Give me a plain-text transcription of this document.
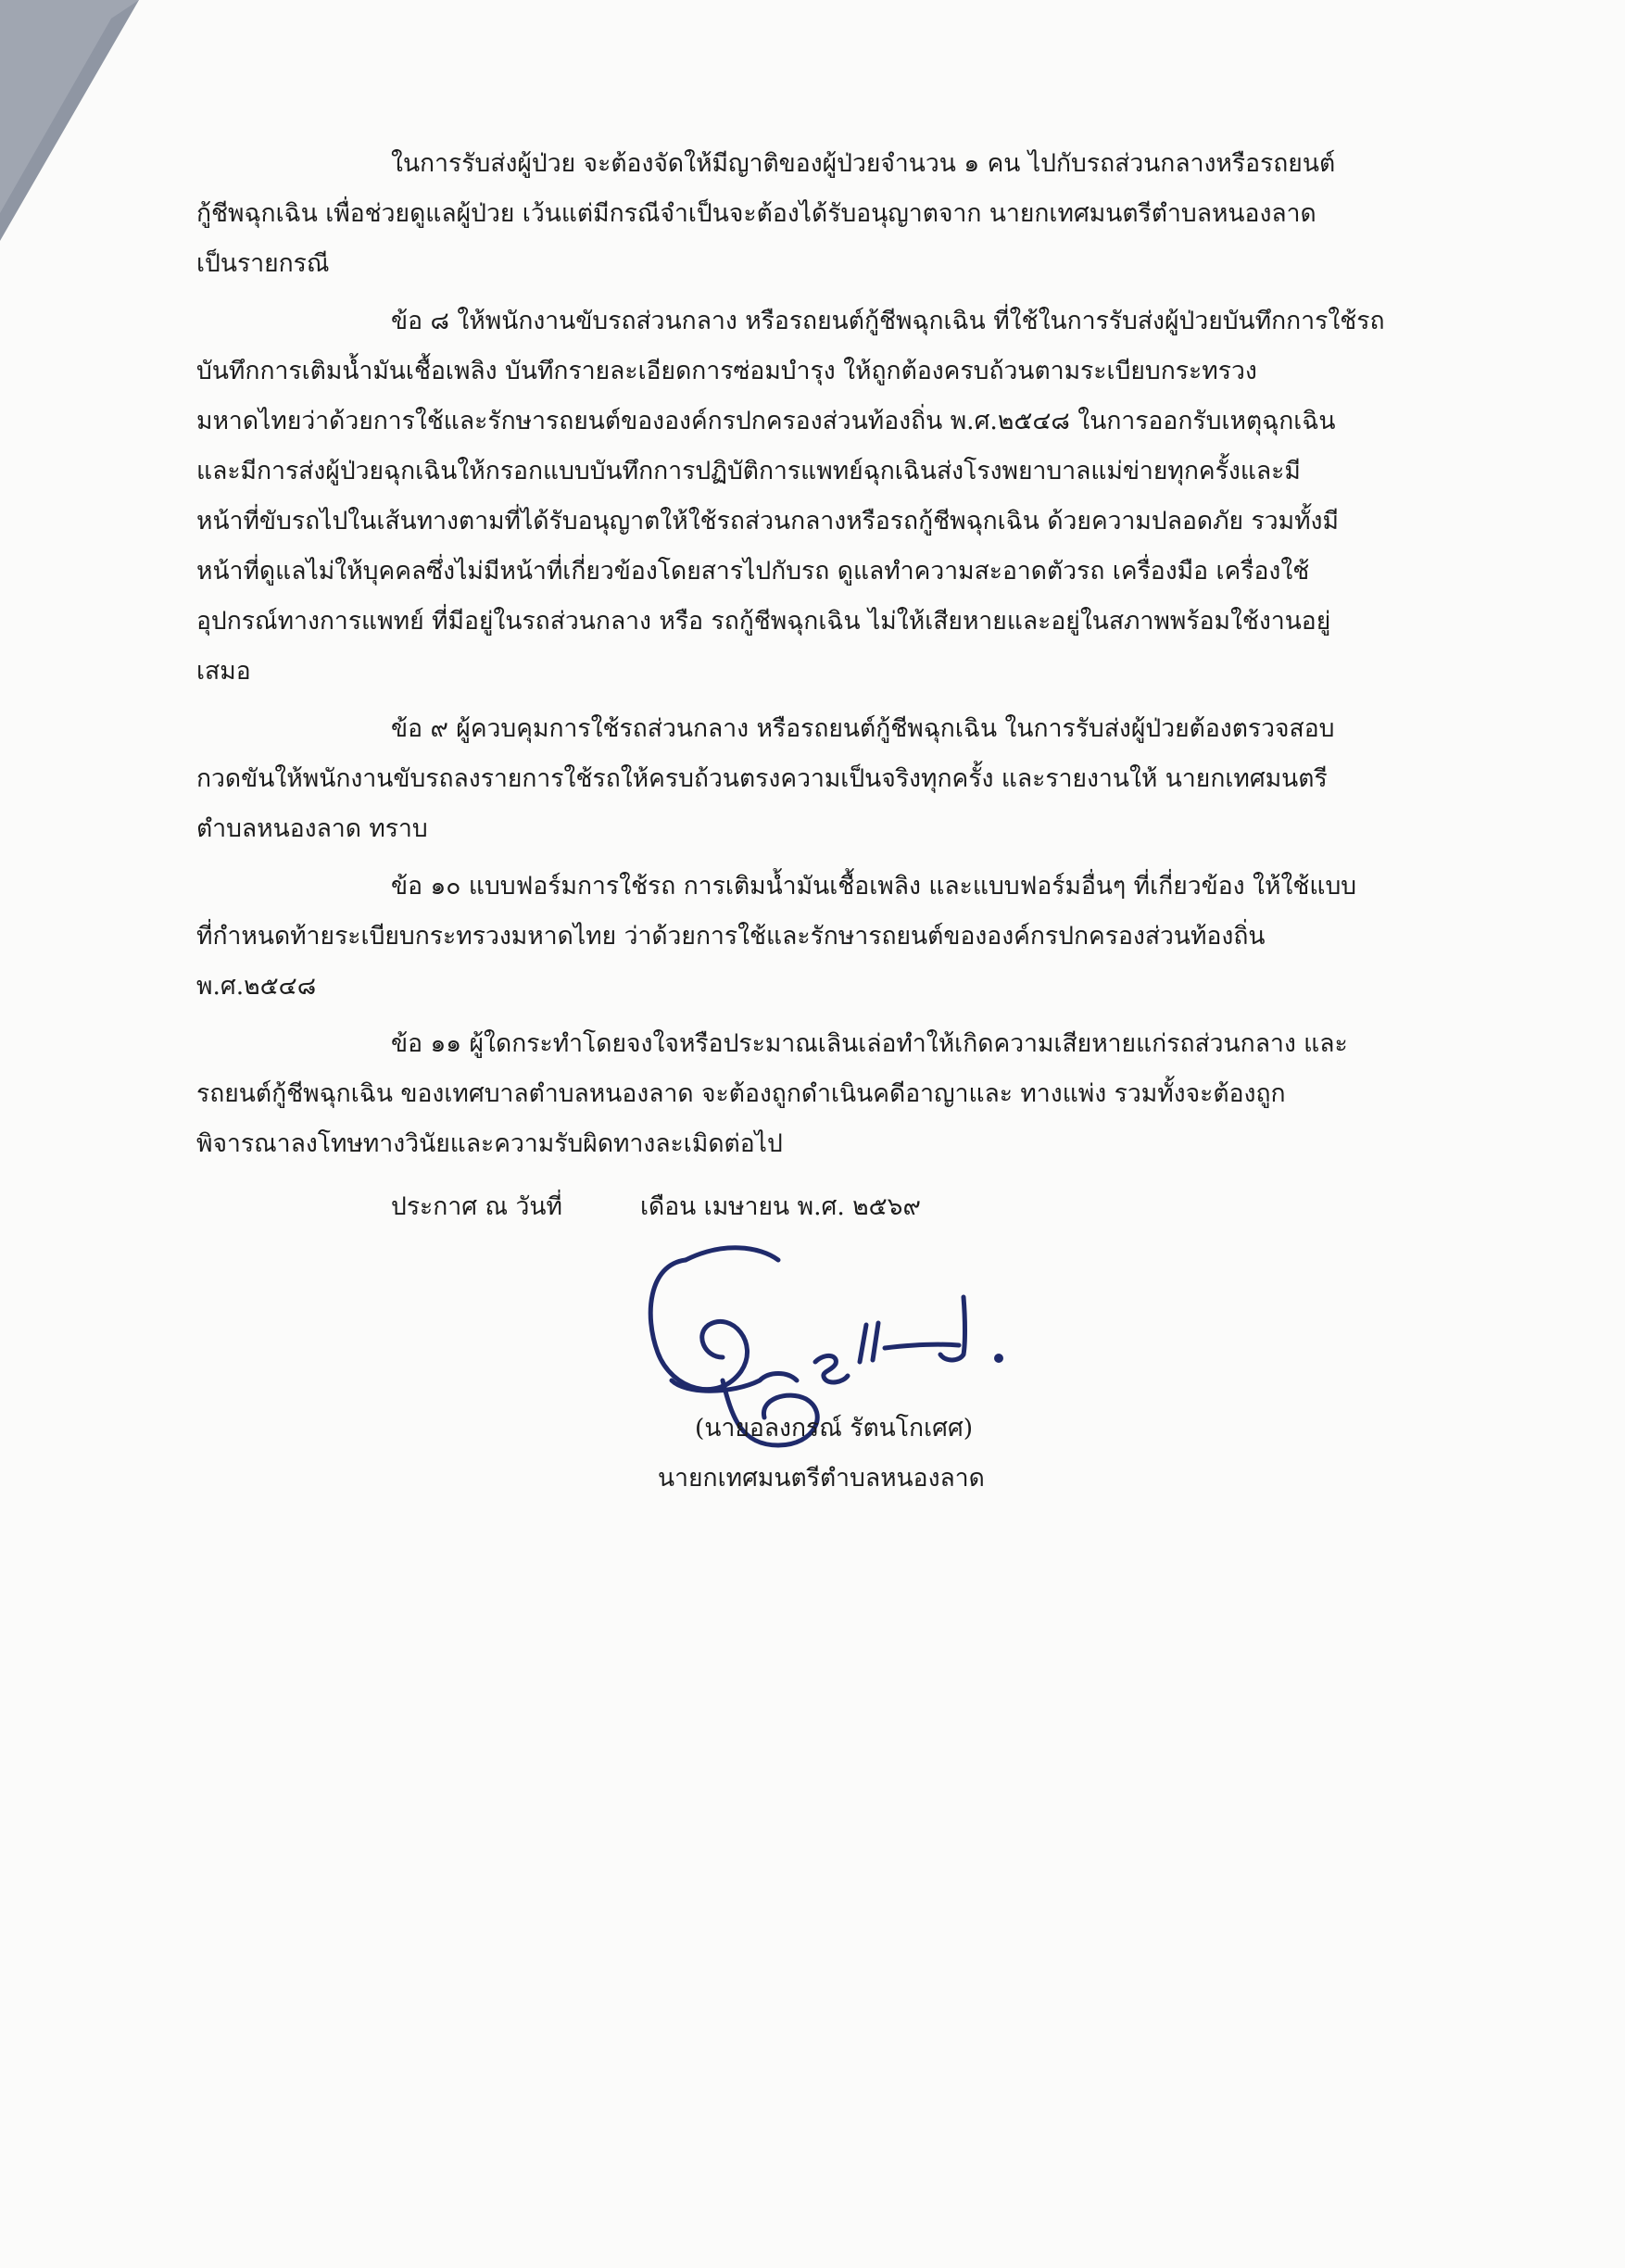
ในการรับส่งผู้ป่วย จะต้องจัดให้มีญาติของผู้ป่วยจำนวน ๑ คน ไปกับรถส่วนกลางหรือรถยนต์
กู้ชีพฉุกเฉิน เพื่อช่วยดูแลผู้ป่วย เว้นแต่มีกรณีจำเป็นจะต้องได้รับอนุญาตจาก นายกเทศมนตรีตำบลหนองลาด
เป็นรายกรณี
ข้อ ๘ ให้พนักงานขับรถส่วนกลาง หรือรถยนต์กู้ชีพฉุกเฉิน ที่ใช้ในการรับส่งผู้ป่วยบันทึกการใช้รถ
บันทึกการเติมน้ำมันเชื้อเพลิง บันทึกรายละเอียดการซ่อมบำรุง ให้ถูกต้องครบถ้วนตามระเบียบกระทรวง
มหาดไทยว่าด้วยการใช้และรักษารถยนต์ขององค์กรปกครองส่วนท้องถิ่น พ.ศ.๒๕๔๘ ในการออกรับเหตุฉุกเฉิน
และมีการส่งผู้ป่วยฉุกเฉินให้กรอกแบบบันทึกการปฏิบัติการแพทย์ฉุกเฉินส่งโรงพยาบาลแม่ข่ายทุกครั้งและมี
หน้าที่ขับรถไปในเส้นทางตามที่ได้รับอนุญาตให้ใช้รถส่วนกลางหรือรถกู้ชีพฉุกเฉิน ด้วยความปลอดภัย รวมทั้งมี
หน้าที่ดูแลไม่ให้บุคคลซึ่งไม่มีหน้าที่เกี่ยวข้องโดยสารไปกับรถ ดูแลทำความสะอาดตัวรถ เครื่องมือ เครื่องใช้
อุปกรณ์ทางการแพทย์ ที่มีอยู่ในรถส่วนกลาง หรือ รถกู้ชีพฉุกเฉิน ไม่ให้เสียหายและอยู่ในสภาพพร้อมใช้งานอยู่
เสมอ
ข้อ ๙ ผู้ควบคุมการใช้รถส่วนกลาง หรือรถยนต์กู้ชีพฉุกเฉิน ในการรับส่งผู้ป่วยต้องตรวจสอบ
กวดขันให้พนักงานขับรถลงรายการใช้รถให้ครบถ้วนตรงความเป็นจริงทุกครั้ง และรายงานให้ นายกเทศมนตรี
ตำบลหนองลาด ทราบ
ข้อ ๑๐ แบบฟอร์มการใช้รถ การเติมน้ำมันเชื้อเพลิง และแบบฟอร์มอื่นๆ ที่เกี่ยวข้อง ให้ใช้แบบ
ที่กำหนดท้ายระเบียบกระทรวงมหาดไทย ว่าด้วยการใช้และรักษารถยนต์ขององค์กรปกครองส่วนท้องถิ่น
พ.ศ.๒๕๔๘
ข้อ ๑๑ ผู้ใดกระทำโดยจงใจหรือประมาณเลินเล่อทำให้เกิดความเสียหายแก่รถส่วนกลาง และ
รถยนต์กู้ชีพฉุกเฉิน ของเทศบาลตำบลหนองลาด จะต้องถูกดำเนินคดีอาญาและ ทางแพ่ง รวมทั้งจะต้องถูก
พิจารณาลงโทษทางวินัยและความรับผิดทางละเมิดต่อไป
ประกาศ ณ วันที่	เดือน เมษายน พ.ศ. ๒๕๖๙
(นายอลงกรณ์ รัตนโกเศศ)
นายกเทศมนตรีตำบลหนองลาด
